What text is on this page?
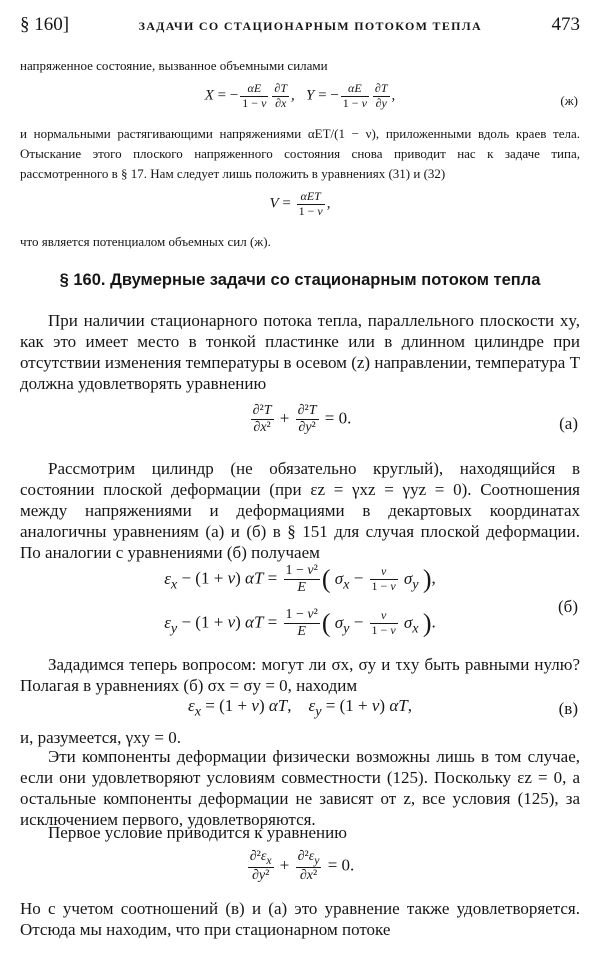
§ 160]	ЗАДАЧИ СО СТАЦИОНАРНЫМ ПОТОКОМ ТЕПЛА	473
напряженное состояние, вызванное объемными силами
X = − $\frac{\alpha E}{1 - \nu} \frac{\partial T}{\partial x}$ ,   Y = − $\frac{\alpha E}{1 - \nu} \frac{\partial T}{\partial y}$ ,	(ж)
и нормальными растягивающими напряжениями αET/(1 − ν), приложенными вдоль краев тела. Отыскание этого плоского напряженного состояния снова приводит нас к задаче типа, рассмотренного в § 17. Нам следует лишь положить в уравнениях (31) и (32)
$V = \frac{\text{αET}}{1 - \nu}$ ,
что является потенциалом объемных сил (ж).
§ 160. Двумерные задачи со стационарным потоком тепла
При наличии стационарного потока тепла, параллельного плоскости xy, как это имеет место в тонкой пластинке или в длинном цилиндре при отсутствии изменения температуры в осевом (z) направлении, температура T должна удовлетворять уравнению
$\frac{\text{∂²T}}{\text{∂x²}} + \frac{\text{∂²T}}{\text{∂y²}} = 0$.	(a)
Рассмотрим цилиндр (не обязательно круглый), находящийся в состоянии плоской деформации (при εz = γxz = γyz = 0). Соотношения между напряжениями и деформациями в декартовых координатах аналогичны уравнениям (а) и (б) в § 151 для случая плоской деформации. По аналогии с уравнениями (б) получаем
$\varepsilon_x - (1 + \nu) \alpha T = \frac{\text{1 − ν²}}{E}$ ( $\sigma_x - \frac{\nu}{1 - \nu} \sigma_y$ ),
$\varepsilon_y - (1 + \nu) \alpha T = \frac{\text{1 − ν²}}{E}$ ( $\sigma_y - \frac{\nu}{1 - \nu} \sigma_x$ ).
(б)
Зададимся теперь вопросом: могут ли σx, σy и τxy быть равными нулю? Полагая в уравнениях (б) σx = σy = 0, находим
$\varepsilon_x = (1 + \nu)$ αT,    $\varepsilon_y = (1 + \nu)$ αT,	(в)
и, разумеется, γxy = 0.
Эти компоненты деформации физически возможны лишь в том случае, если они удовлетворяют условиям совместности (125). Поскольку εz = 0, а остальные компоненты деформации не зависят от z, все условия (125), за исключением первого, удовлетворяются.
Первое условие приводится к уравнению
$\frac{\partial^2\varepsilon_x}{\text{∂y²}} + \frac{\partial^2\varepsilon_y}{\text{∂x²}} = 0$.
Но с учетом соотношений (в) и (а) это уравнение также удовлетворяется. Отсюда мы находим, что при стационарном потоке
